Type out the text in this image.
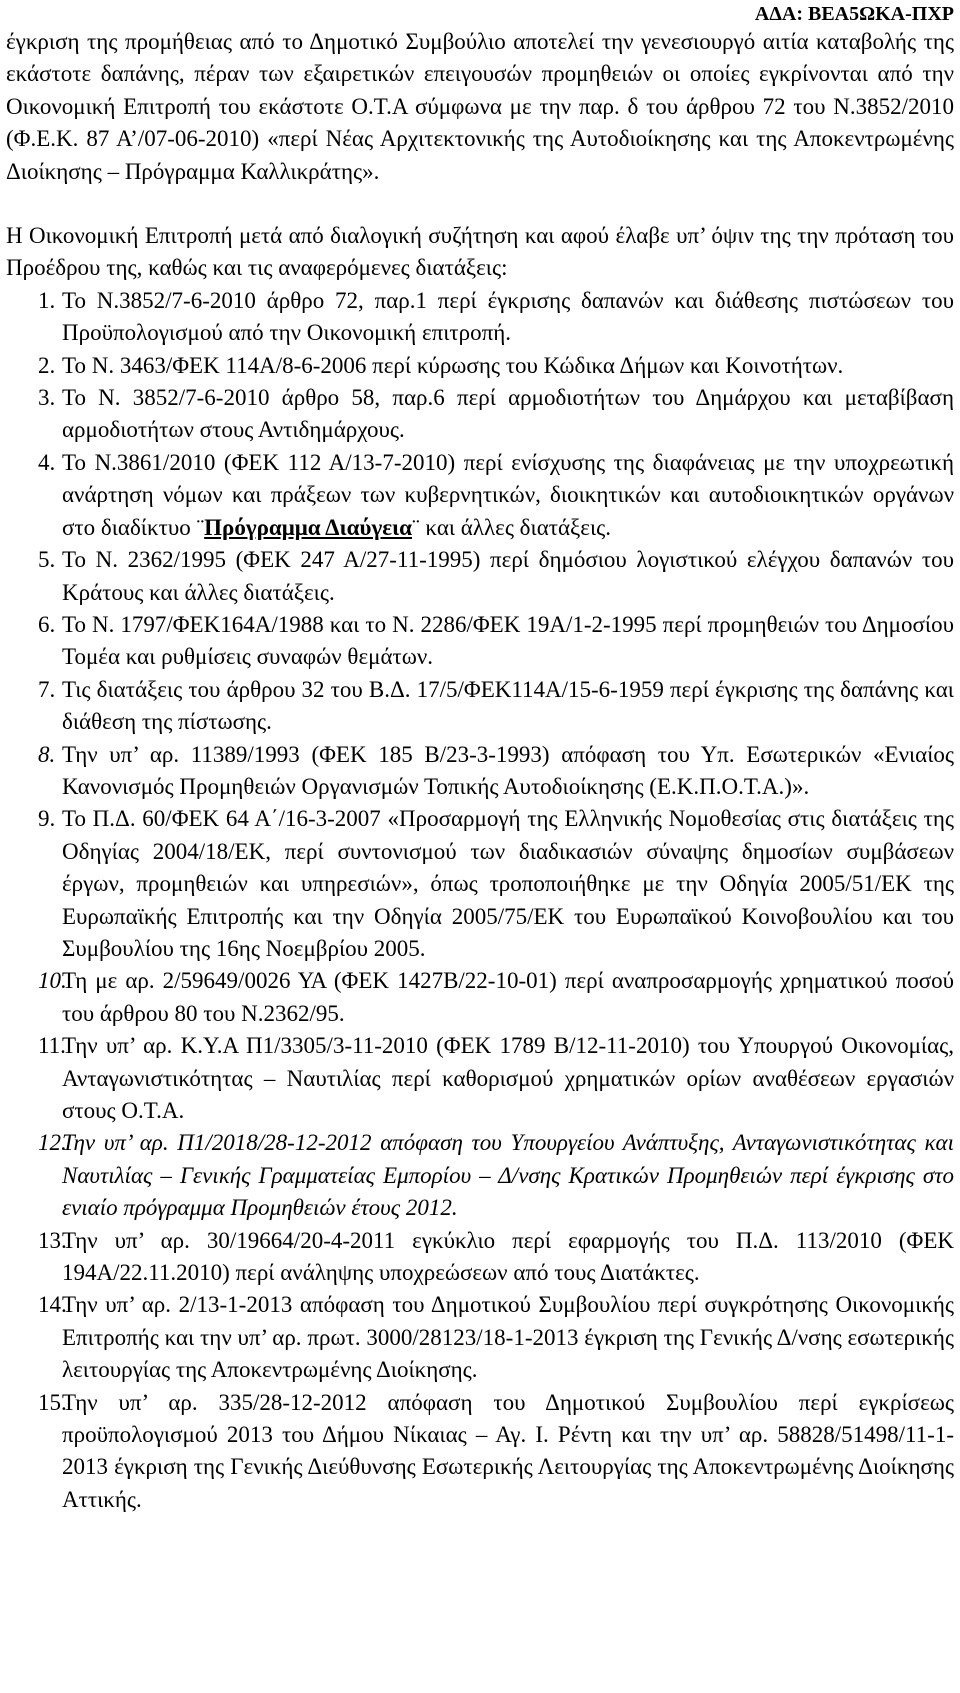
ΑΔΑ: ΒΕΑ5ΩΚΑ-ΠΧΡ

έγκριση της προμήθειας από το Δημοτικό Συμβούλιο αποτελεί την γενεσιουργό αιτία καταβολής της εκάστοτε δαπάνης, πέραν των εξαιρετικών επειγουσών προμηθειών οι οποίες εγκρίνονται από την Οικονομική Επιτροπή του εκάστοτε Ο.Τ.Α σύμφωνα με την παρ. δ του άρθρου 72 του Ν.3852/2010 (Φ.Ε.Κ. 87 Α’/07-06-2010) «περί Νέας Αρχιτεκτονικής της Αυτοδιοίκησης και της Αποκεντρωμένης Διοίκησης – Πρόγραμμα Καλλικράτης».

Η Οικονομική Επιτροπή μετά από διαλογική συζήτηση και αφού έλαβε υπ’ όψιν της την πρόταση του Προέδρου της, καθώς και τις αναφερόμενες διατάξεις:

1. Το Ν.3852/7-6-2010 άρθρο 72, παρ.1 περί έγκρισης δαπανών και διάθεσης πιστώσεων του Προϋπολογισμού από την Οικονομική επιτροπή.
2. Το Ν. 3463/ΦΕΚ 114Α/8-6-2006 περί κύρωσης του Κώδικα Δήμων και Κοινοτήτων.
3. Το Ν. 3852/7-6-2010 άρθρο 58, παρ.6 περί αρμοδιοτήτων του Δημάρχου και μεταβίβαση αρμοδιοτήτων στους Αντιδημάρχους.
4. Το Ν.3861/2010 (ΦΕΚ 112 Α/13-7-2010) περί ενίσχυσης της διαφάνειας με την υποχρεωτική ανάρτηση νόμων και πράξεων των κυβερνητικών, διοικητικών και αυτοδιοικητικών οργάνων στο διαδίκτυο ¨Πρόγραμμα Διαύγεια¨ και άλλες διατάξεις.
5. Το Ν. 2362/1995 (ΦΕΚ 247 Α/27-11-1995) περί δημόσιου λογιστικού ελέγχου δαπανών του Κράτους και άλλες διατάξεις.
6. Το Ν. 1797/ΦΕΚ164Α/1988 και το Ν. 2286/ΦΕΚ 19Α/1-2-1995 περί προμηθειών του Δημοσίου Τομέα και ρυθμίσεις συναφών θεμάτων.
7. Τις διατάξεις του άρθρου 32 του Β.Δ. 17/5/ΦΕΚ114Α/15-6-1959 περί έγκρισης της δαπάνης και διάθεση της πίστωσης.
8. Την υπ’ αρ. 11389/1993 (ΦΕΚ 185 Β/23-3-1993) απόφαση του Υπ. Εσωτερικών «Ενιαίος Κανονισμός Προμηθειών Οργανισμών Τοπικής Αυτοδιοίκησης (Ε.Κ.Π.Ο.Τ.Α.)».
9. Το Π.Δ. 60/ΦΕΚ 64 Α΄/16-3-2007 «Προσαρμογή της Ελληνικής Νομοθεσίας στις διατάξεις της Οδηγίας 2004/18/ΕΚ, περί συντονισμού των διαδικασιών σύναψης δημοσίων συμβάσεων έργων, προμηθειών και υπηρεσιών», όπως τροποποιήθηκε με την Οδηγία 2005/51/ΕΚ της Ευρωπαϊκής Επιτροπής και την Οδηγία 2005/75/ΕΚ του Ευρωπαϊκού Κοινοβουλίου και του Συμβουλίου της 16ης Νοεμβρίου 2005.
10.
Τη με αρ. 2/59649/0026 ΥΑ (ΦΕΚ 1427Β/22-10-01) περί αναπροσαρμογής χρηματικού ποσού του άρθρου 80 του Ν.2362/95.
11.
Την υπ’ αρ. Κ.Υ.Α Π1/3305/3-11-2010 (ΦΕΚ 1789 Β/12-11-2010) του Υπουργού Οικονομίας, Ανταγωνιστικότητας – Ναυτιλίας περί καθορισμού χρηματικών ορίων αναθέσεων εργασιών στους Ο.Τ.Α.
12.
Την υπ’ αρ. Π1/2018/28-12-2012 απόφαση του Υπουργείου Ανάπτυξης, Ανταγωνιστικότητας και Ναυτιλίας – Γενικής Γραμματείας Εμπορίου – Δ/νσης Κρατικών Προμηθειών περί έγκρισης στο ενιαίο πρόγραμμα Προμηθειών έτους 2012.
13.
Την υπ’ αρ. 30/19664/20-4-2011 εγκύκλιο περί εφαρμογής του Π.Δ. 113/2010 (ΦΕΚ 194Α/22.11.2010) περί ανάληψης υποχρεώσεων από τους Διατάκτες.
14.
Την υπ’ αρ. 2/13-1-2013 απόφαση του Δημοτικού Συμβουλίου περί συγκρότησης Οικονομικής Επιτροπής και την υπ’ αρ. πρωτ. 3000/28123/18-1-2013 έγκριση της Γενικής Δ/νσης εσωτερικής λειτουργίας της Αποκεντρωμένης Διοίκησης.
15.
Την υπ’ αρ. 335/28-12-2012 απόφαση του Δημοτικού Συμβουλίου περί εγκρίσεως προϋπολογισμού 2013 του Δήμου Νίκαιας – Αγ. Ι. Ρέντη και την υπ’ αρ. 58828/51498/11-1-2013 έγκριση της Γενικής Διεύθυνσης Εσωτερικής Λειτουργίας της Αποκεντρωμένης Διοίκησης Αττικής.
